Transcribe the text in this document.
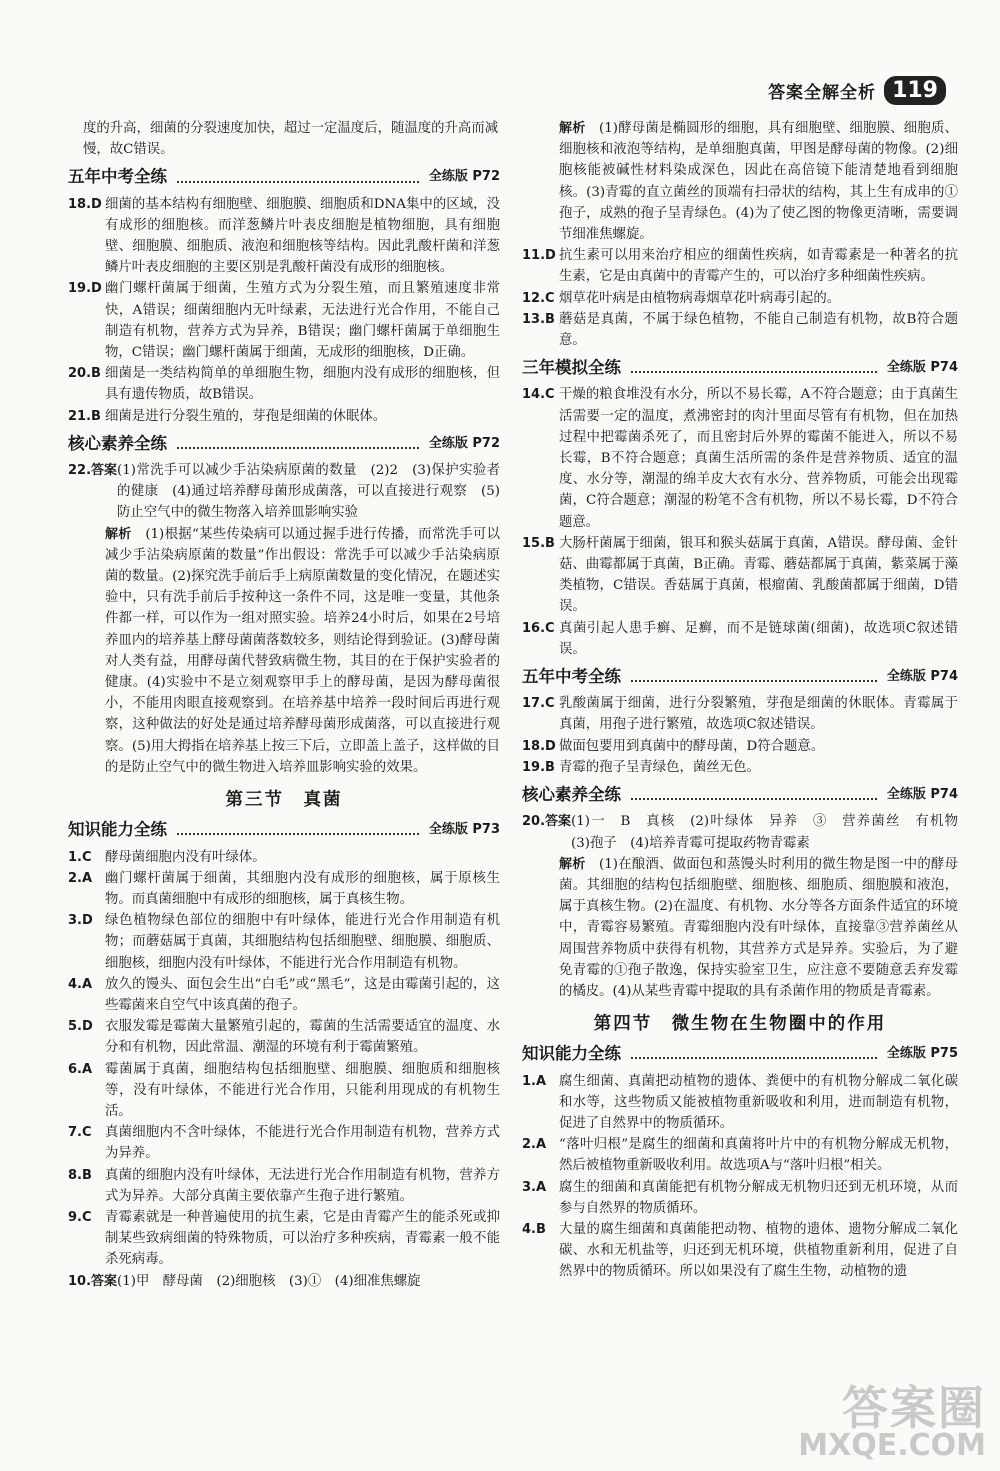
答案全解全析 119
度的升高，细菌的分裂速度加快，超过一定温度后，随温度的升高而减慢，故C错误。
五年中考全练	全练版 P72
18.D 细菌的基本结构有细胞壁、细胞膜、细胞质和DNA集中的区域，没有成形的细胞核。而洋葱鳞片叶表皮细胞是植物细胞，具有细胞壁、细胞膜、细胞质、液泡和细胞核等结构。因此乳酸杆菌和洋葱鳞片叶表皮细胞的主要区别是乳酸杆菌没有成形的细胞核。
19.D 幽门螺杆菌属于细菌，生殖方式为分裂生殖，而且繁殖速度非常快，A错误；细菌细胞内无叶绿素，无法进行光合作用，不能自己制造有机物，营养方式为异养，B错误；幽门螺杆菌属于单细胞生物，C错误；幽门螺杆菌属于细菌，无成形的细胞核，D正确。
20.B 细菌是一类结构简单的单细胞生物，细胞内没有成形的细胞核，但具有遗传物质，故B错误。
21.B 细菌是进行分裂生殖的，芽孢是细菌的休眠体。
核心素养全练	全练版 P72
22.答案 (1)常洗手可以减少手沾染病原菌的数量　(2)2　(3)保护实验者的健康　(4)通过培养酵母菌形成菌落，可以直接进行观察　(5)防止空气中的微生物落入培养皿影响实验
解析　 (1)根据“某些传染病可以通过握手进行传播，而常洗手可以减少手沾染病原菌的数量”作出假设：常洗手可以减少手沾染病原菌的数量。(2)探究洗手前后手上病原菌数量的变化情况，在题述实验中，只有洗手前后手按种这一条件不同，这是唯一变量，其他条件都一样，可以作为一组对照实验。培养24小时后，如果在2号培养皿内的培养基上酵母菌菌落数较多，则结论得到验证。(3)酵母菌对人类有益，用酵母菌代替致病微生物，其目的在于保护实验者的健康。(4)实验中不是立刻观察甲手上的酵母菌，是因为酵母菌很小，不能用肉眼直接观察到。在培养基中培养一段时间后再进行观察，这种做法的好处是通过培养酵母菌形成菌落，可以直接进行观察。(5)用大拇指在培养基上按三下后，立即盖上盖子，这样做的目的是防止空气中的微生物进入培养皿影响实验的效果。
第三节　真菌
知识能力全练	全练版 P73
1.C	酵母菌细胞内没有叶绿体。
2.A 幽门螺杆菌属于细菌，其细胞内没有成形的细胞核，属于原核生物。而真菌细胞中有成形的细胞核，属于真核生物。
3.D 绿色植物绿色部位的细胞中有叶绿体，能进行光合作用制造有机物；而蘑菇属于真菌，其细胞结构包括细胞壁、细胞膜、细胞质、细胞核，细胞内没有叶绿体，不能进行光合作用制造有机物。
4.A 放久的馒头、面包会生出“白毛”或“黑毛”，这是由霉菌引起的，这些霉菌来自空气中该真菌的孢子。
5.D 衣服发霉是霉菌大量繁殖引起的，霉菌的生活需要适宜的温度、水分和有机物，因此常温、潮湿的环境有利于霉菌繁殖。
6.A 霉菌属于真菌，细胞结构包括细胞壁、细胞膜、细胞质和细胞核等，没有叶绿体，不能进行光合作用，只能利用现成的有机物生活。
7.C	真菌细胞内不含叶绿体，不能进行光合作用制造有机物，营养方式为异养。
8.B 真菌的细胞内没有叶绿体，无法进行光合作用制造有机物，营养方式为异养。大部分真菌主要依靠产生孢子进行繁殖。
9.C	青霉素就是一种普遍使用的抗生素，它是由青霉产生的能杀死或抑制某些致病细菌的特殊物质，可以治疗多种疾病，青霉素一般不能杀死病毒。
10.答案 (1)甲　酵母菌　(2)细胞核　(3)①　(4)细准焦螺旋
解析　 (1)酵母菌是椭圆形的细胞，具有细胞壁、细胞膜、细胞质、细胞核和液泡等结构，是单细胞真菌，甲图是酵母菌的物像。(2)细胞核能被碱性材料染成深色，因此在高倍镜下能清楚地看到细胞核。(3)青霉的直立菌丝的顶端有扫帚状的结构，其上生有成串的①孢子，成熟的孢子呈青绿色。(4)为了使乙图的物像更清晰，需要调节细准焦螺旋。
11.D 抗生素可以用来治疗相应的细菌性疾病，如青霉素是一种著名的抗生素，它是由真菌中的青霉产生的，可以治疗多种细菌性疾病。
12.C 烟草花叶病是由植物病毒烟草花叶病毒引起的。
13.B 蘑菇是真菌，不属于绿色植物，不能自己制造有机物，故B符合题意。
三年模拟全练	全练版 P74
14.C 干燥的粮食堆没有水分，所以不易长霉，A不符合题意；由于真菌生活需要一定的温度，煮沸密封的肉汁里面尽管有有机物，但在加热过程中把霉菌杀死了，而且密封后外界的霉菌不能进入，所以不易长霉，B不符合题意；真菌生活所需的条件是营养物质、适宜的温度、水分等，潮湿的绵羊皮大衣有水分、营养物质，可能会出现霉菌，C符合题意；潮湿的粉笔不含有机物，所以不易长霉，D不符合题意。
15.B 大肠杆菌属于细菌，银耳和猴头菇属于真菌，A错误。酵母菌、金针菇、曲霉都属于真菌，B正确。青霉、蘑菇都属于真菌，紫菜属于藻类植物，C错误。香菇属于真菌，根瘤菌、乳酸菌都属于细菌，D错误。
16.C 真菌引起人患手癣、足癣，而不是链球菌(细菌)，故选项C叙述错误。
五年中考全练	全练版 P74
17.C 乳酸菌属于细菌，进行分裂繁殖，芽孢是细菌的休眠体。青霉属于真菌，用孢子进行繁殖，故选项C叙述错误。
18.D 做面包要用到真菌中的酵母菌，D符合题意。
19.B 青霉的孢子呈青绿色，菌丝无色。
核心素养全练	全练版 P74
20.答案 (1)一　B　真核　(2)叶绿体　异养　③　营养菌丝　有机物　(3)孢子　(4)培养青霉可提取药物青霉素
解析　 (1)在酿酒、做面包和蒸馒头时利用的微生物是图一中的酵母菌。其细胞的结构包括细胞壁、细胞核、细胞质、细胞膜和液泡，属于真核生物。(2)在温度、有机物、水分等各方面条件适宜的环境中，青霉容易繁殖。青霉细胞内没有叶绿体，直接靠③营养菌丝从周围营养物质中获得有机物，其营养方式是异养。实验后，为了避免青霉的①孢子散逸，保持实验室卫生，应注意不要随意丢弃发霉的橘皮。(4)从某些青霉中提取的具有杀菌作用的物质是青霉素。
第四节　微生物在生物圈中的作用
知识能力全练	全练版 P75
1.A 腐生细菌、真菌把动植物的遗体、粪便中的有机物分解成二氧化碳和水等，这些物质又能被植物重新吸收和利用，进而制造有机物，促进了自然界中的物质循环。
2.A “落叶归根”是腐生的细菌和真菌将叶片中的有机物分解成无机物，然后被植物重新吸收利用。故选项A与“落叶归根”相关。
3.A 腐生的细菌和真菌能把有机物分解成无机物归还到无机环境，从而参与自然界的物质循环。
4.B 大量的腐生细菌和真菌能把动物、植物的遗体、遗物分解成二氧化碳、水和无机盐等，归还到无机环境，供植物重新利用，促进了自然界中的物质循环。所以如果没有了腐生生物，动植物的遗
答案圈
MXQE.COM
